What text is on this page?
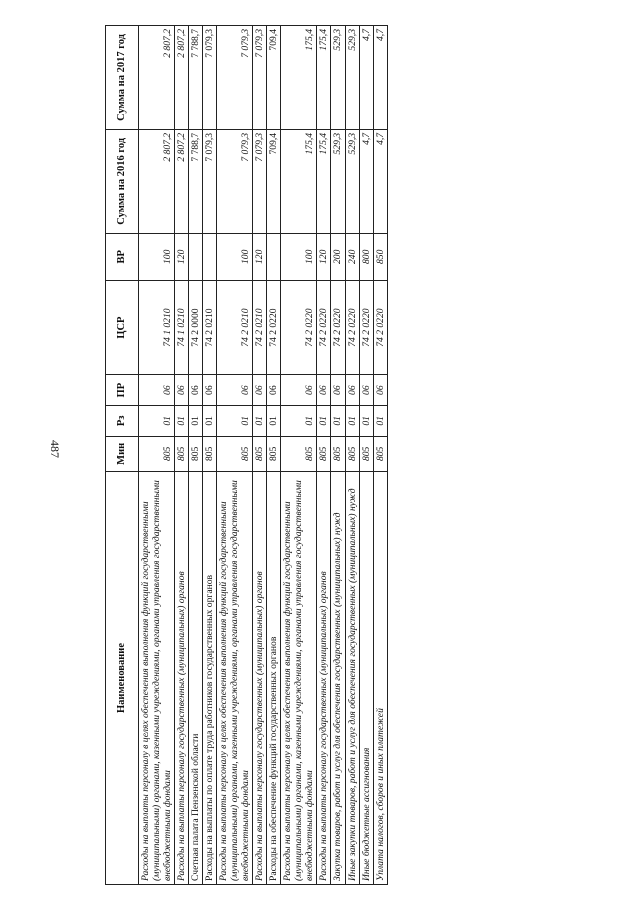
487
Наименование	Мин	Рз	ПР	ЦСР	ВР	Сумма на 2016 год	Сумма на 2017 год
Расходы на выплаты персоналу в целях обеспечения выполнения функций государственными (муниципальными) органами, казенными учреждениями, органами управления государственными внебюджетными фондами	805	01	06	74 1 0210	100	2 807,2	2 807,2
Расходы на выплаты персоналу государственных (муниципальных) органов	805	01	06	74 1 0210	120	2 807,2	2 807,2
Счетная палата Пензенской области	805	01	06	74 2 0000		7 788,7	7 788,7
Расходы на выплаты по оплате труда работников государственных органов	805	01	06	74 2 0210		7 079,3	7 079,3
Расходы на выплаты персоналу в целях обеспечения выполнения функций государственными (муниципальными) органами, казенными учреждениями, органами управления государственными внебюджетными фондами	805	01	06	74 2 0210	100	7 079,3	7 079,3
Расходы на выплаты персоналу государственных (муниципальных) органов	805	01	06	74 2 0210	120	7 079,3	7 079,3
Расходы на обеспечение функций государственных органов	805	01	06	74 2 0220		709,4	709,4
Расходы на выплаты персоналу в целях обеспечения выполнения функций государственными (муниципальными) органами, казенными учреждениями, органами управления государственными внебюджетными фондами	805	01	06	74 2 0220	100	175,4	175,4
Расходы на выплаты персоналу государственных (муниципальных) органов	805	01	06	74 2 0220	120	175,4	175,4
Закупка товаров, работ и услуг для обеспечения государственных (муниципальных) нужд	805	01	06	74 2 0220	200	529,3	529,3
Иные закупки товаров, работ и услуг для обеспечения государственных (муниципальных) нужд	805	01	06	74 2 0220	240	529,3	529,3
Иные бюджетные ассигнования	805	01	06	74 2 0220	800	4,7	4,7
Уплата налогов, сборов и иных платежей	805	01	06	74 2 0220	850	4,7	4,7
